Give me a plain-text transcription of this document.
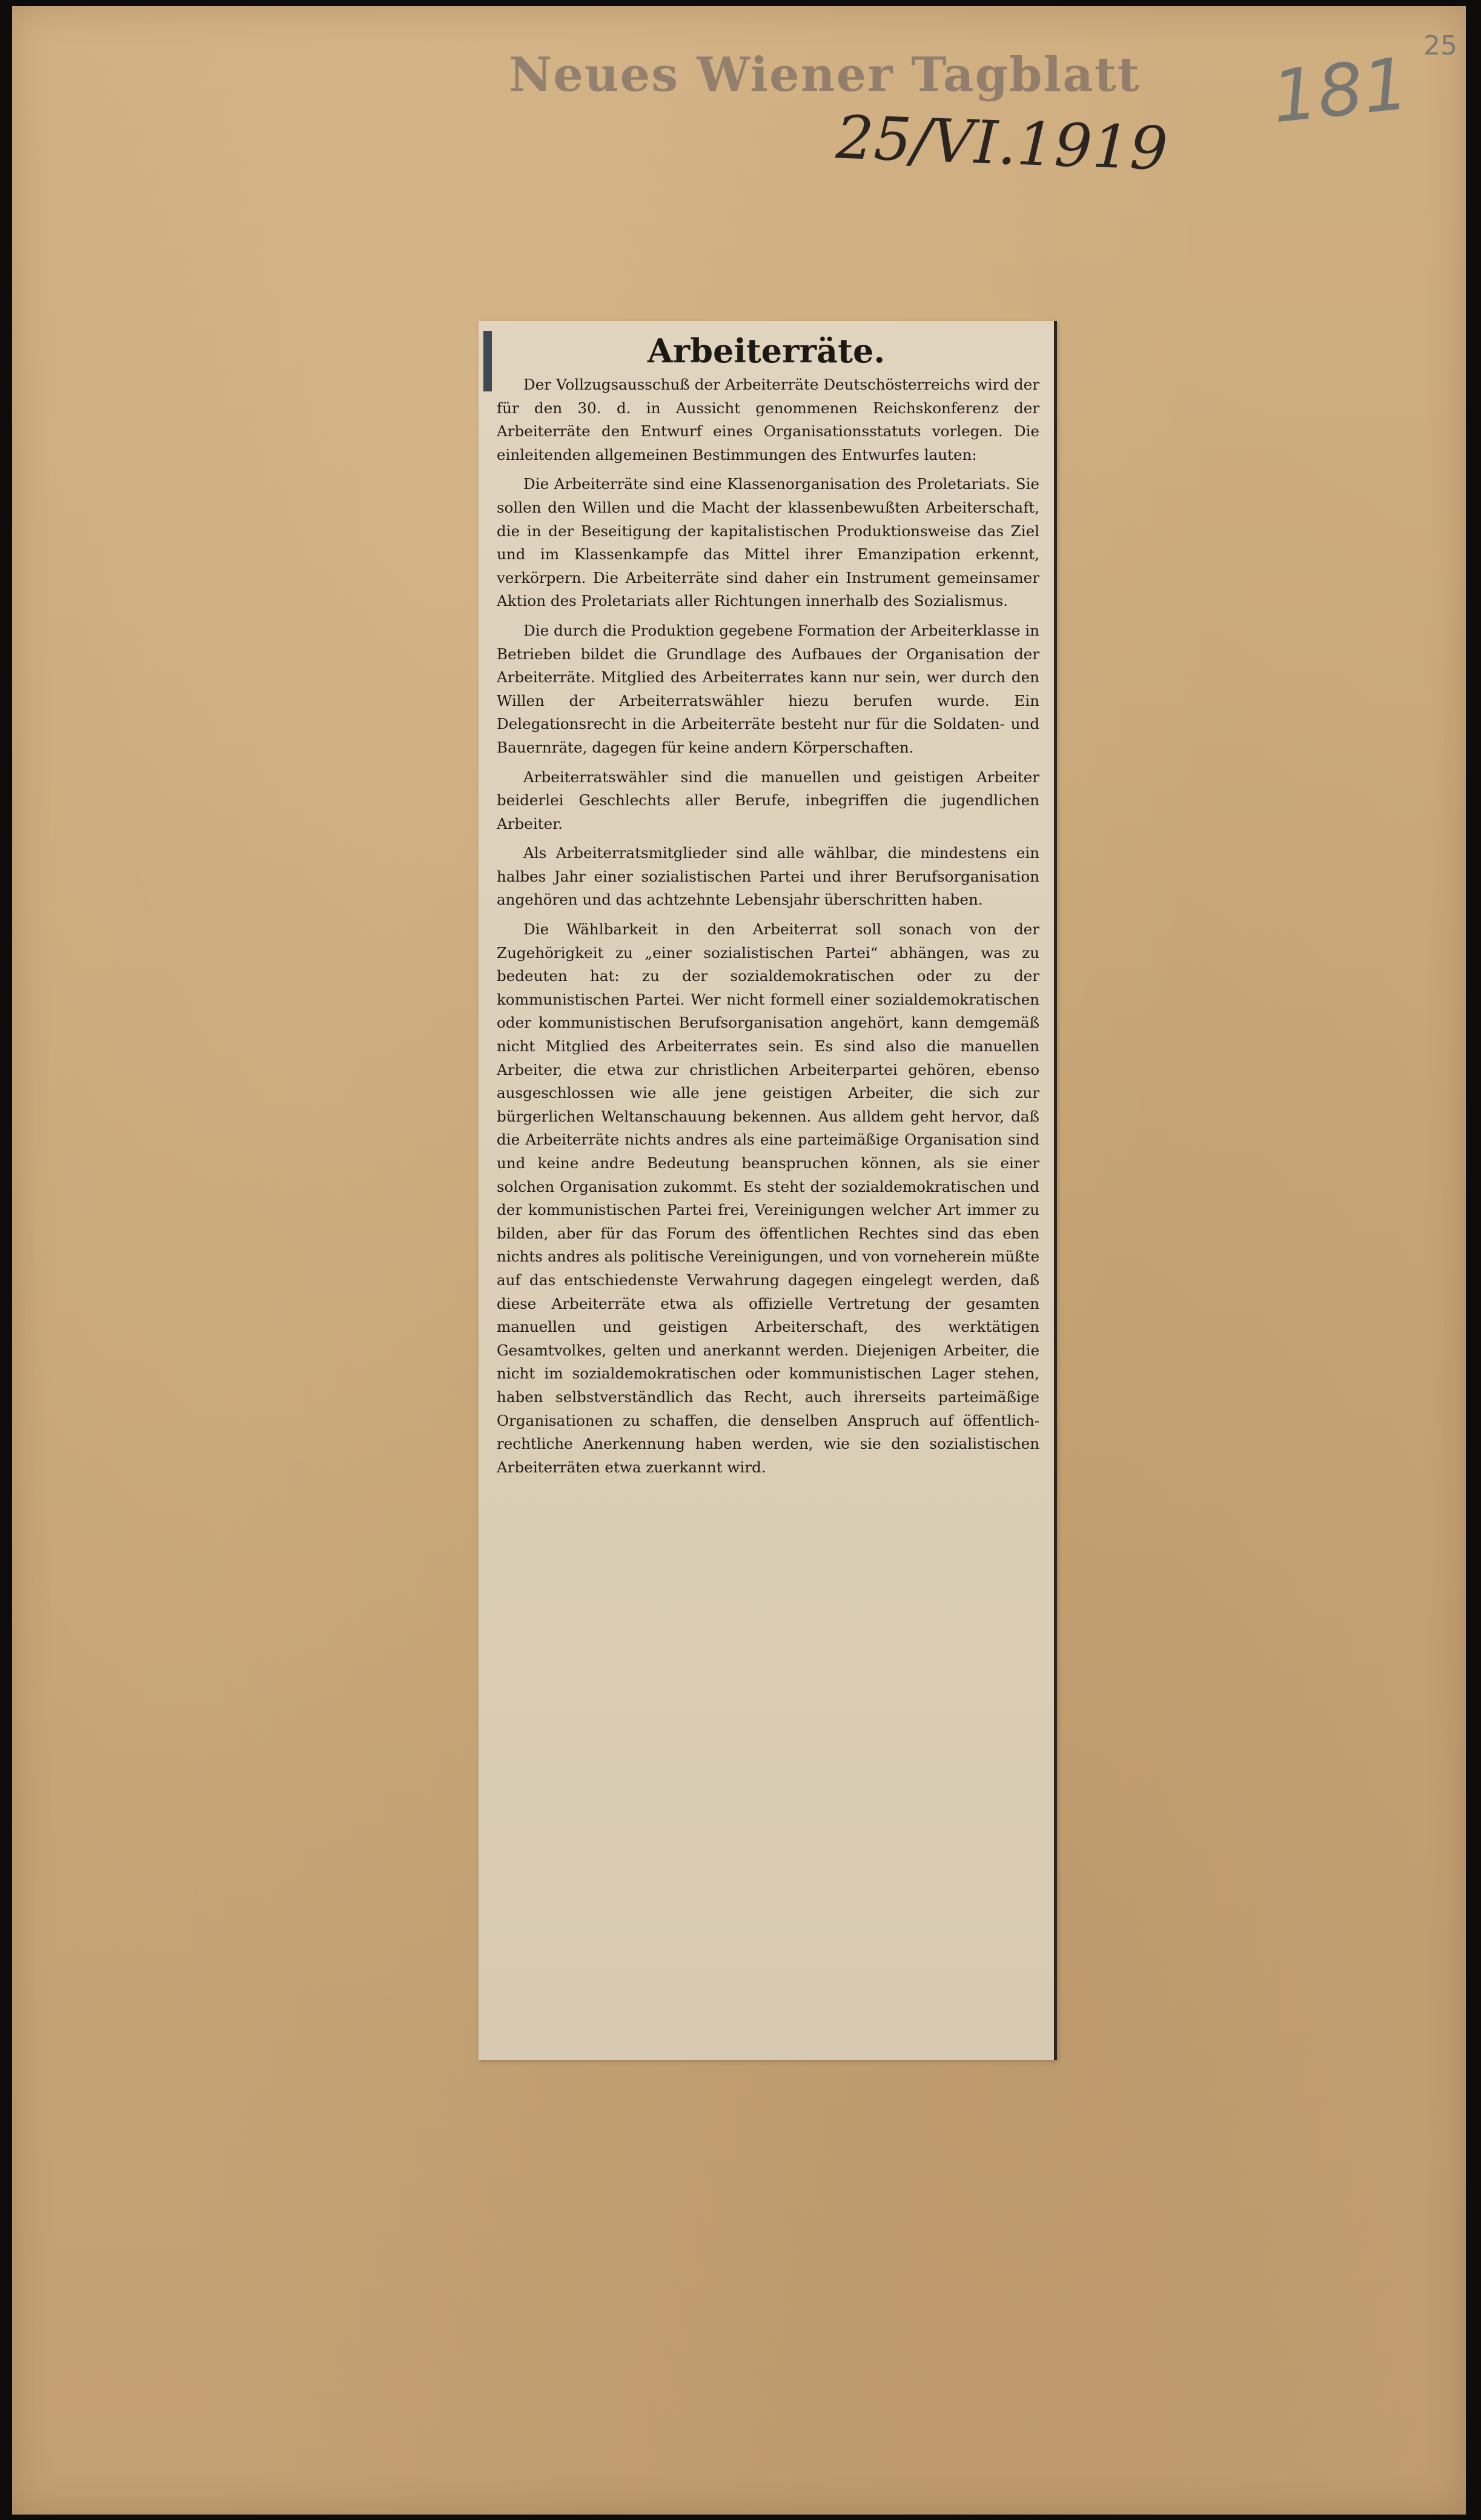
Neues Wiener Tagblatt
25/VI.1919
181 25
Arbeiterräte.

Der Vollzugsausschuß der Arbeiterräte Deutschösterreichs wird der für den 30. d. in Aussicht genommenen Reichskonferenz der Arbeiterräte den Entwurf eines Organisationsstatuts vorlegen. Die einleitenden allgemeinen Bestimmungen des Entwurfes lauten:

Die Arbeiterräte sind eine Klassenorganisation des Proletariats. Sie sollen den Willen und die Macht der klassenbewußten Arbeiterschaft, die in der Beseitigung der kapitalistischen Produktionsweise das Ziel und im Klassenkampfe das Mittel ihrer Emanzipation erkennt, verkörpern. Die Arbeiterräte sind daher ein Instrument gemeinsamer Aktion des Proletariats aller Richtungen innerhalb des Sozialismus.

Die durch die Produktion gegebene Formation der Arbeiterklasse in Betrieben bildet die Grundlage des Aufbaues der Organisation der Arbeiterräte. Mitglied des Arbeiterrates kann nur sein, wer durch den Willen der Arbeiterratswähler hiezu berufen wurde. Ein Delegationsrecht in die Arbeiterräte besteht nur für die Soldaten- und Bauernräte, dagegen für keine andern Körperschaften.

Arbeiterratswähler sind die manuellen und geistigen Arbeiter beiderlei Geschlechts aller Berufe, inbegriffen die jugendlichen Arbeiter.

Als Arbeiterratsmitglieder sind alle wählbar, die mindestens ein halbes Jahr einer sozialistischen Partei und ihrer Berufsorganisation angehören und das achtzehnte Lebensjahr überschritten haben.

Die Wählbarkeit in den Arbeiterrat soll sonach von der Zugehörigkeit zu „einer sozialistischen Partei“ abhängen, was zu bedeuten hat: zu der sozialdemokratischen oder zu der kommunistischen Partei. Wer nicht formell einer sozialdemokratischen oder kommunistischen Berufsorganisation angehört, kann demgemäß nicht Mitglied des Arbeiterrates sein. Es sind also die manuellen Arbeiter, die etwa zur christlichen Arbeiterpartei gehören, ebenso ausgeschlossen wie alle jene geistigen Arbeiter, die sich zur bürgerlichen Weltanschauung bekennen. Aus alldem geht hervor, daß die Arbeiterräte nichts andres als eine parteimäßige Organisation sind und keine andre Bedeutung beanspruchen können, als sie einer solchen Organisation zukommt. Es steht der sozialdemokratischen und der kommunistischen Partei frei, Vereinigungen welcher Art immer zu bilden, aber für das Forum des öffentlichen Rechtes sind das eben nichts andres als politische Vereinigungen, und von vorneherein müßte auf das entschiedenste Verwahrung dagegen eingelegt werden, daß diese Arbeiterräte etwa als offizielle Vertretung der gesamten manuellen und geistigen Arbeiterschaft, des werktätigen Gesamtvolkes, gelten und anerkannt werden. Diejenigen Arbeiter, die nicht im sozialdemokratischen oder kommunistischen Lager stehen, haben selbstverständlich das Recht, auch ihrerseits parteimäßige Organisationen zu schaffen, die denselben Anspruch auf öffentlich-rechtliche Anerkennung haben werden, wie sie den sozialistischen Arbeiterräten etwa zuerkannt wird.
